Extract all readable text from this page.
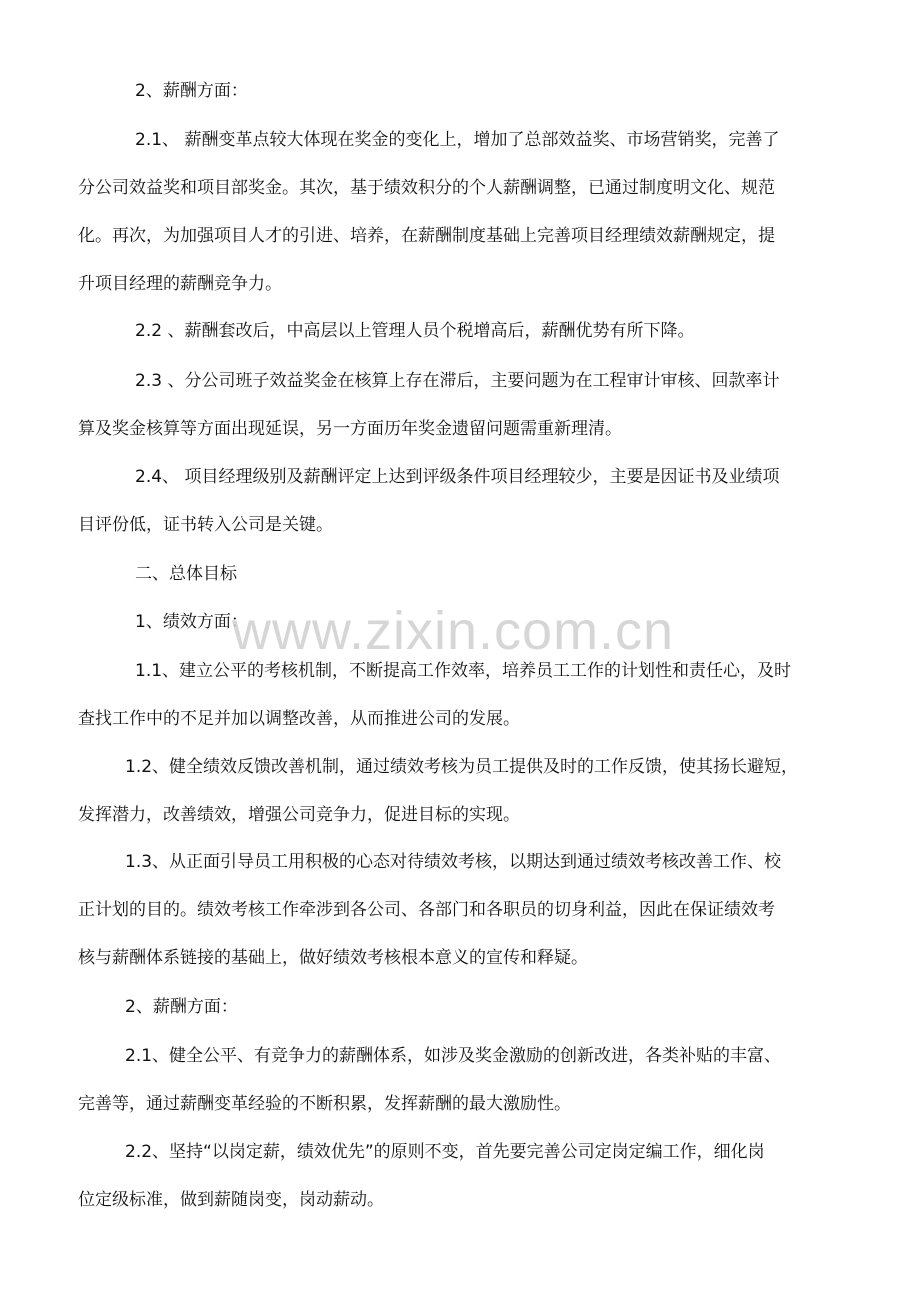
2、薪酬方面：

2.1、 薪酬变革点较大体现在奖金的变化上，增加了总部效益奖、市场营销奖，完善了
分公司效益奖和项目部奖金。其次，基于绩效积分的个人薪酬调整，已通过制度明文化、规范
化。再次，为加强项目人才的引进、培养，在薪酬制度基础上完善项目经理绩效薪酬规定，提
升项目经理的薪酬竞争力。

2.2 、薪酬套改后，中高层以上管理人员个税增高后，薪酬优势有所下降。

2.3 、分公司班子效益奖金在核算上存在滞后，主要问题为在工程审计审核、回款率计
算及奖金核算等方面出现延误，另一方面历年奖金遗留问题需重新理清。

2.4、 项目经理级别及薪酬评定上达到评级条件项目经理较少，主要是因证书及业绩项
目评份低，证书转入公司是关键。

二、总体目标

1、绩效方面：

1.1、建立公平的考核机制，不断提高工作效率，培养员工工作的计划性和责任心，及时
查找工作中的不足并加以调整改善，从而推进公司的发展。

1.2、健全绩效反馈改善机制，通过绩效考核为员工提供及时的工作反馈，使其扬长避短，
发挥潜力，改善绩效，增强公司竞争力，促进目标的实现。

1.3、从正面引导员工用积极的心态对待绩效考核，以期达到通过绩效考核改善工作、校
正计划的目的。绩效考核工作牵涉到各公司、各部门和各职员的切身利益，因此在保证绩效考
核与薪酬体系链接的基础上，做好绩效考核根本意义的宣传和释疑。

2、薪酬方面：

2.1、健全公平、有竞争力的薪酬体系，如涉及奖金激励的创新改进，各类补贴的丰富、
完善等，通过薪酬变革经验的不断积累，发挥薪酬的最大激励性。

2.2、坚持“以岗定薪，绩效优先”的原则不变，首先要完善公司定岗定编工作，细化岗
位定级标准，做到薪随岗变，岗动薪动。

www.zixin.com.cn
